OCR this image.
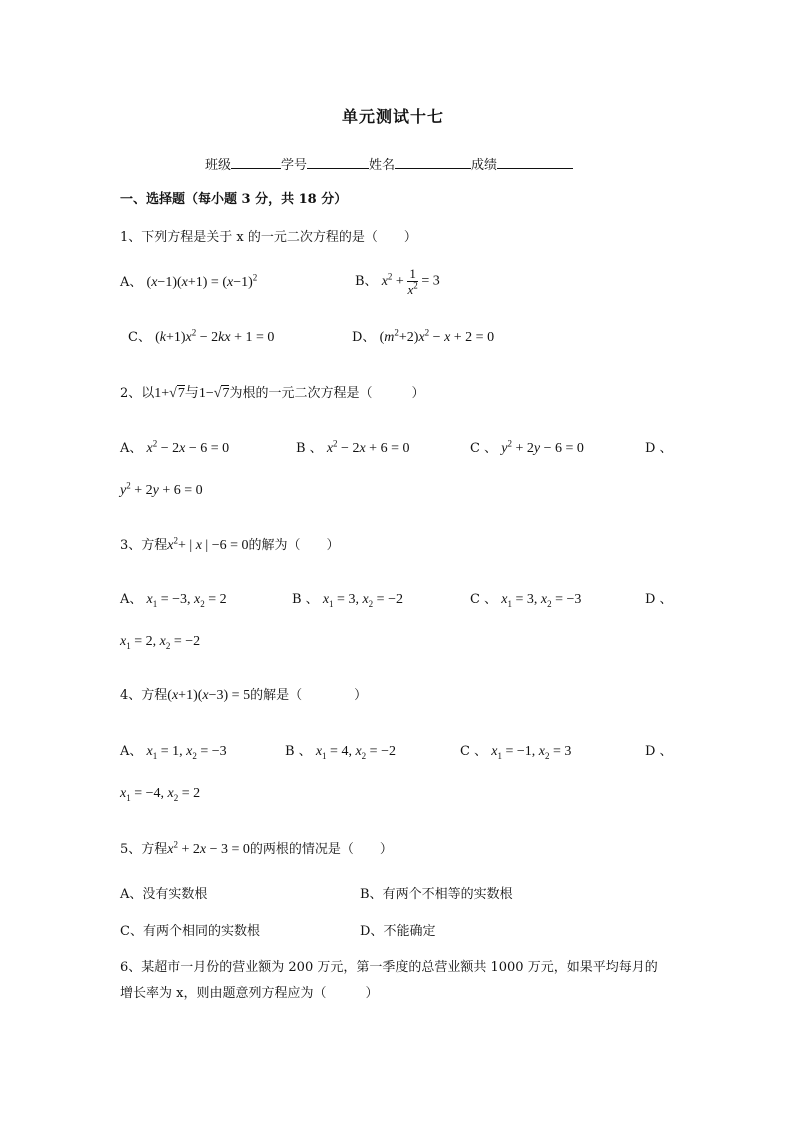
单元测试十七
班级	学号	姓名	成绩
一、选择题（每小题 3 分，共 18 分）
1、下列方程是关于 x 的一元二次方程的是（　　）
A、 $(x-1)(x+1) = (x-1)^2$	B、 $x^2 + \frac{1}{x^2} = 3$
C、 $(k+1)x^2 - 2kx + 1 = 0$	D、 $(m^2+2)x^2 - x + 2 = 0$
2、以1+√7与1−√7为根的一元二次方程是（　　　）
A、 $x^2 - 2x - 6 = 0$	B 、 $x^2 - 2x + 6 = 0$	C 、 $y^2 + 2y - 6 = 0$	D 、
$y^2 + 2y + 6 = 0$
3、方程$x^2+$ | x | −6 = 0的解为（　　）
A、 $x_1 = -3$, $x_2 = 2$	B 、 $x_1 = 3$, $x_2 = -2$	C 、 $x_1 = 3$, $x_2 = -3$	D 、
$x_1 = 2$, $x_2 = -2$
4、方程(x+1)(x−3) = 5的解是（　　　　）
A、 $x_1 = 1$, $x_2 = -3$	B 、 $x_1 = 4$, $x_2 = -2$	C 、 $x_1 = -1$, $x_2 = 3$	D 、
$x_1 = -4$, $x_2 = 2$
5、方程$x^2 + 2x - 3 = 0$的两根的情况是（　　）
A、没有实数根	B、有两个不相等的实数根
C、有两个相同的实数根	D、不能确定
6、某超市一月份的营业额为 200 万元，第一季度的总营业额共 1000 万元，如果平均每月的
增长率为 x，则由题意列方程应为（　　　）
